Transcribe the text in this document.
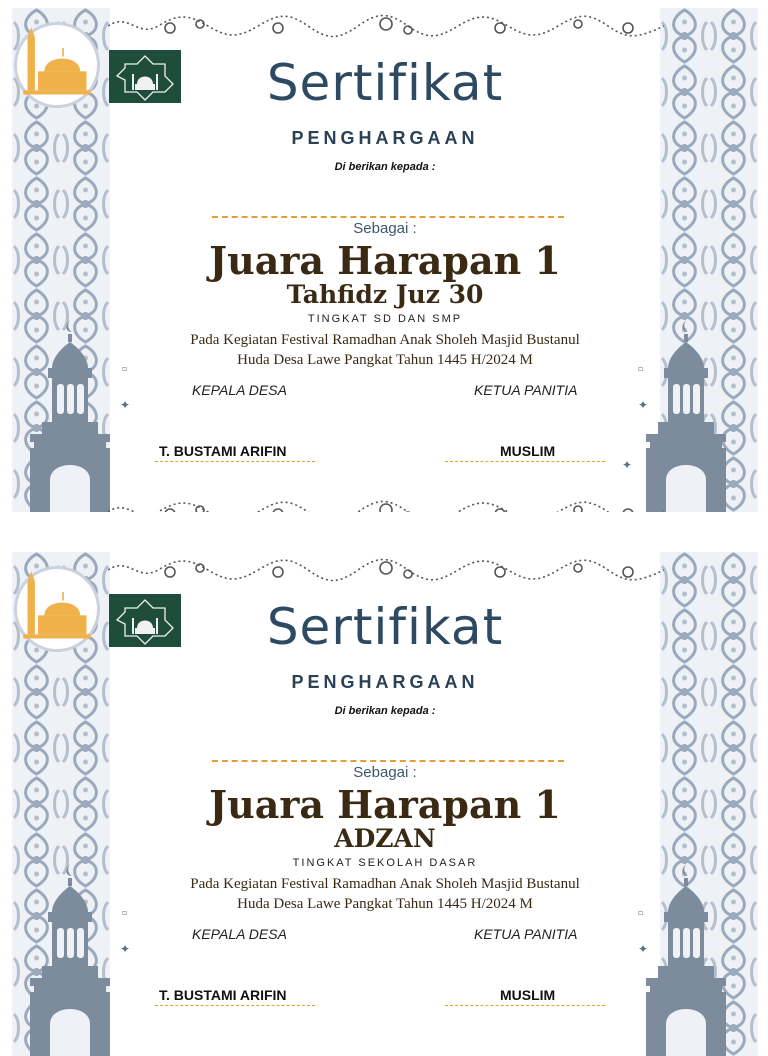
Sertifikat
PENGHARGAAN
Di berikan kepada :
Sebagai :
Juara Harapan 1
Tahfidz Juz 30
TINGKAT SD DAN SMP
Pada Kegiatan Festival Ramadhan Anak Sholeh Masjid Bustanul
Huda Desa Lawe Pangkat Tahun 1445 H/2024 M
KEPALA DESA	KETUA PANITIA
T. BUSTAMI ARIFIN	MUSLIM
✦
▫
✦
▫
✦
Sertifikat
PENGHARGAAN
Di berikan kepada :
Sebagai :
Juara Harapan 1
ADZAN
TINGKAT SEKOLAH DASAR
Pada Kegiatan Festival Ramadhan Anak Sholeh Masjid Bustanul
Huda Desa Lawe Pangkat Tahun 1445 H/2024 M
KEPALA DESA	KETUA PANITIA
T. BUSTAMI ARIFIN	MUSLIM
✦
▫
✦
▫
